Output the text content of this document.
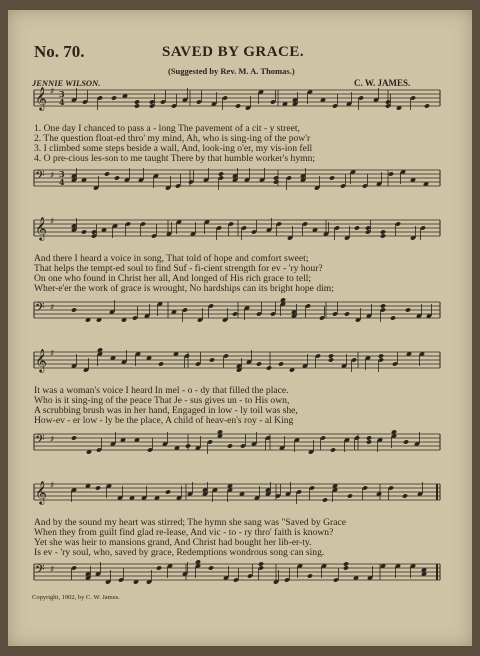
𝄞 ♯ 3
4
𝄢 ♯ 3
4
𝄞 ♯
𝄢 ♯
𝄞 ♯
𝄢 ♯
𝄞 ♯
𝄢 ♯
No. 70.	SAVED BY GRACE.
(Suggested by Rev. M. A. Thomas.)
JENNIE WILSON.	C. W. JAMES.
1. One day I chanced to pass a - long The pavement of a cit - y street,
2. The question float-ed thro' my mind, Ah, who is sing-ing of the pow'r
3. I climbed some steps beside a wall, And, look-ing o'er, my vis-ion fell
4. O pre-cious les-son to me taught There by that humble worker's hymn;
And there I heard a voice in song, That told of hope and comfort sweet;
That helps the tempt-ed soul to find Suf - fi-cient strength for ev - 'ry hour?
On one who found in Christ her all, And longed of His rich grace to tell;
Wher-e'er the work of grace is wrought, No hardships can its bright hope dim;
It was a woman's voice I heard In mel - o - dy that filled the place.
Who is it sing-ing of the peace That Je - sus gives un - to His own,
A scrubbing brush was in her hand, Engaged in low - ly toil was she,
How-ev - er low - ly be the place, A child of heav-en's roy - al King
And by the sound my heart was stirred; The hymn she sang was "Saved by Grace
When they from guilt find glad re-lease, And vic - to - ry thro' faith is known?
Yet she was heir to mansions grand, And Christ had bought her lib-er-ty.
Is ev - 'ry soul, who, saved by grace, Redemptions wondrous song can sing.
Copyright, 1902, by C. W. James.
